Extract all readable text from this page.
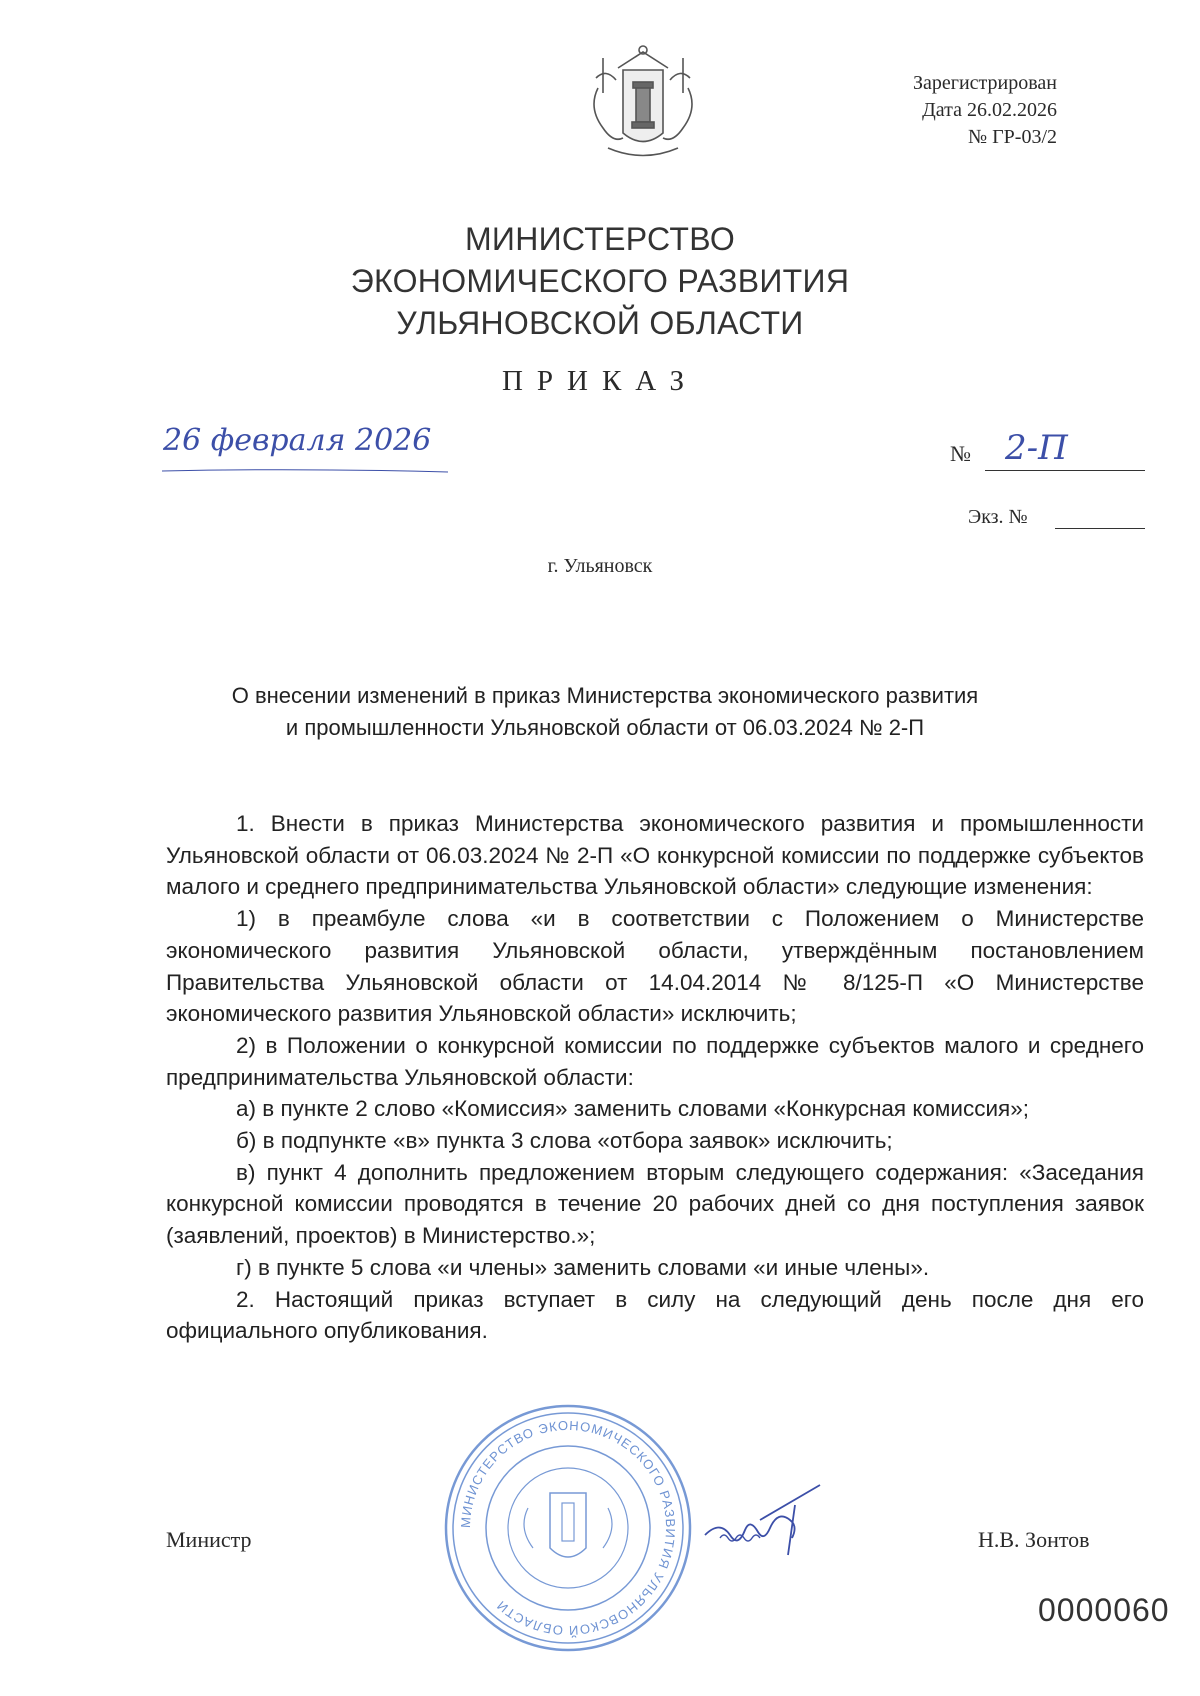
Зарегистрирован
Дата 26.02.2026
№ ГР-03/2
МИНИСТЕРСТВО
ЭКОНОМИЧЕСКОГО РАЗВИТИЯ
УЛЬЯНОВСКОЙ ОБЛАСТИ
ПРИКАЗ
26 февраля 2026	№ 2-П
Экз. №
г. Ульяновск
О внесении изменений в приказ Министерства экономического развития
и промышленности Ульяновской области от 06.03.2024 № 2-П

1. Внести в приказ Министерства экономического развития и промышленности Ульяновской области от 06.03.2024 № 2-П «О конкурсной комиссии по поддержке субъектов малого и среднего предпринимательства Ульяновской области» следующие изменения:

1) в преамбуле слова «и в соответствии с Положением о Министерстве экономического развития Ульяновской области, утверждённым постановлением Правительства Ульяновской области от 14.04.2014 № 8/125-П «О Министерстве экономического развития Ульяновской области» исключить;

2) в Положении о конкурсной комиссии по поддержке субъектов малого и среднего предпринимательства Ульяновской области:

а) в пункте 2 слово «Комиссия» заменить словами «Конкурсная комиссия»;

б) в подпункте «в» пункта 3 слова «отбора заявок» исключить;

в) пункт 4 дополнить предложением вторым следующего содержания: «Заседания конкурсной комиссии проводятся в течение 20 рабочих дней со дня поступления заявок (заявлений, проектов) в Министерство.»;

г) в пункте 5 слова «и члены» заменить словами «и иные члены».

2. Настоящий приказ вступает в силу на следующий день после дня его официального опубликования.

МИНИСТЕРСТВО ЭКОНОМИЧЕСКОГО РАЗВИТИЯ УЛЬЯНОВСКОЙ ОБЛАСТИ
Министр	Н.В. Зонтов
0000060
